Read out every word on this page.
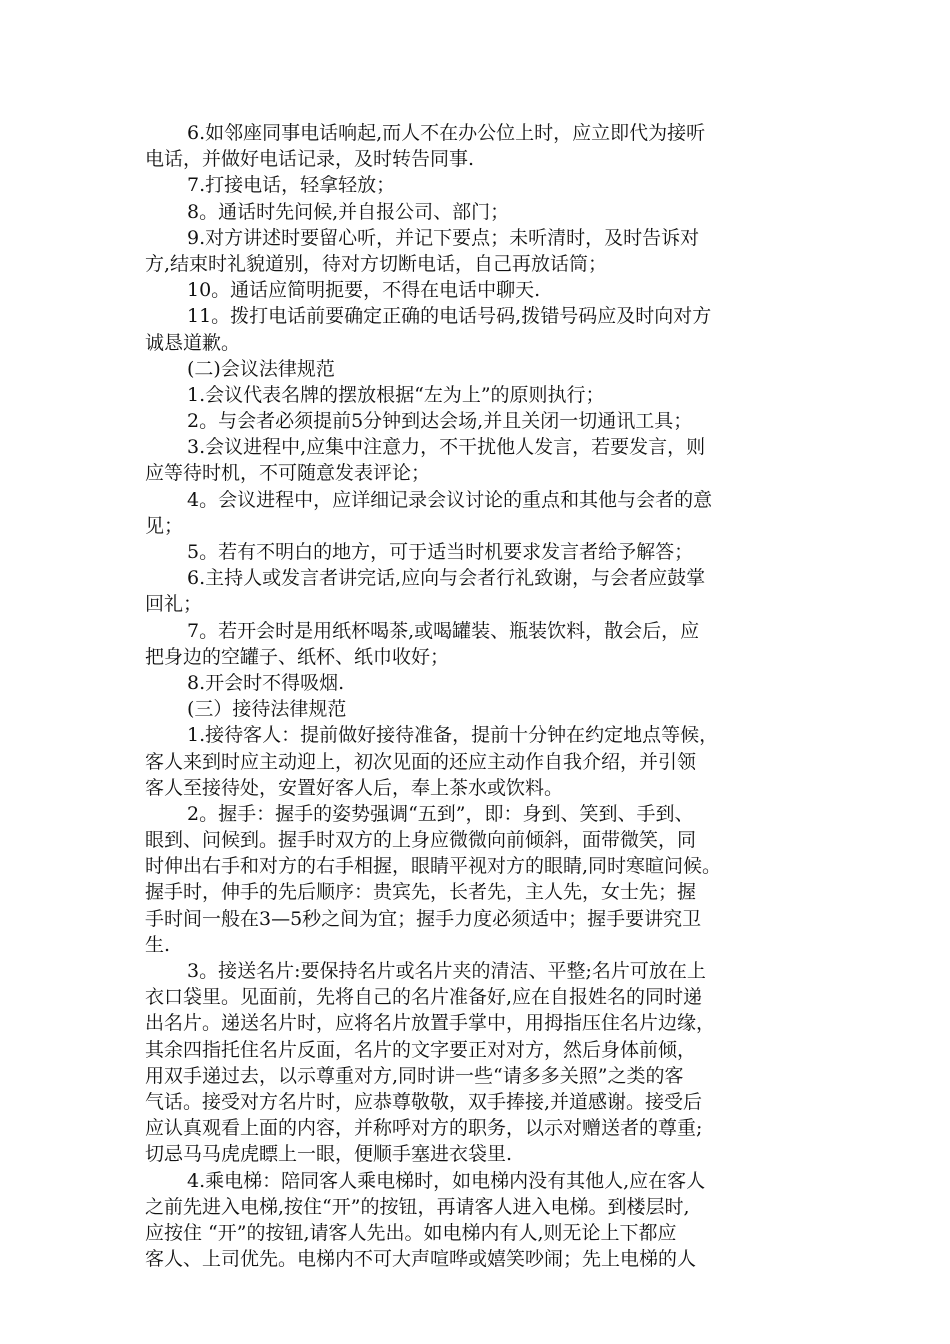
6.如邻座同事电话响起,而人不在办公位上时，应立即代为接听
电话，并做好电话记录，及时转告同事.
7.打接电话，轻拿轻放；
8。通话时先问候,并自报公司、部门；
9.对方讲述时要留心听，并记下要点；未听清时，及时告诉对
方,结束时礼貌道别，待对方切断电话，自己再放话筒；
10。通话应简明扼要，不得在电话中聊天.
11。拨打电话前要确定正确的电话号码,拨错号码应及时向对方
诚恳道歉。
(二)会议法律规范
1.会议代表名牌的摆放根据“左为上”的原则执行；
2。与会者必须提前5分钟到达会场,并且关闭一切通讯工具；
3.会议进程中,应集中注意力，不干扰他人发言，若要发言，则
应等待时机，不可随意发表评论；
4。会议进程中，应详细记录会议讨论的重点和其他与会者的意
见；
5。若有不明白的地方，可于适当时机要求发言者给予解答；
6.主持人或发言者讲完话,应向与会者行礼致谢，与会者应鼓掌
回礼；
7。若开会时是用纸杯喝茶,或喝罐装、瓶装饮料，散会后，应
把身边的空罐子、纸杯、纸巾收好；
8.开会时不得吸烟.
(三）接待法律规范
1.接待客人：提前做好接待准备，提前十分钟在约定地点等候，
客人来到时应主动迎上，初次见面的还应主动作自我介绍，并引领
客人至接待处，安置好客人后，奉上茶水或饮料。
2。握手：握手的姿势强调“五到”，即：身到、笑到、手到、
眼到、问候到。握手时双方的上身应微微向前倾斜，面带微笑，同
时伸出右手和对方的右手相握，眼睛平视对方的眼睛,同时寒暄问候。
握手时，伸手的先后顺序：贵宾先，长者先，主人先，女士先；握
手时间一般在3—5秒之间为宜；握手力度必须适中；握手要讲究卫
生.
3。接送名片:要保持名片或名片夹的清洁、平整;名片可放在上
衣口袋里。见面前，先将自己的名片准备好,应在自报姓名的同时递
出名片。递送名片时，应将名片放置手掌中，用拇指压住名片边缘，
其余四指托住名片反面，名片的文字要正对对方，然后身体前倾，
用双手递过去，以示尊重对方,同时讲一些“请多多关照”之类的客
气话。接受对方名片时，应恭尊敬敬，双手捧接,并道感谢。接受后
应认真观看上面的内容，并称呼对方的职务，以示对赠送者的尊重;
切忌马马虎虎瞟上一眼，便顺手塞进衣袋里.
4.乘电梯：陪同客人乘电梯时，如电梯内没有其他人,应在客人
之前先进入电梯,按住“开”的按钮，再请客人进入电梯。到楼层时,
应按住 “开”的按钮,请客人先出。如电梯内有人,则无论上下都应
客人、上司优先。电梯内不可大声喧哗或嬉笑吵闹；先上电梯的人
